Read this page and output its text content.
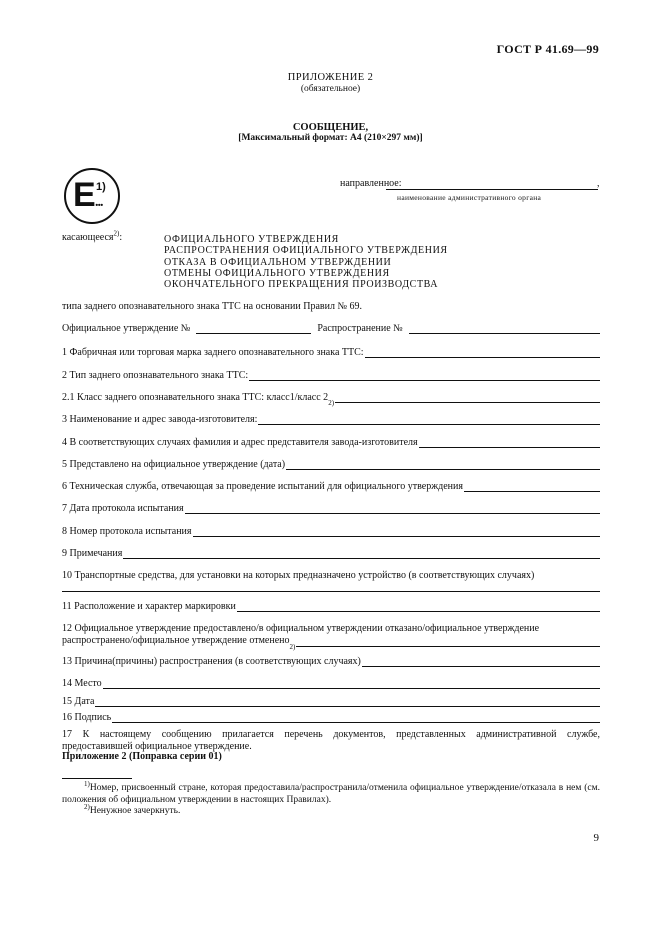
ГОСТ Р 41.69—99
ПРИЛОЖЕНИЕ 2
(обязательное)
СООБЩЕНИЕ,
[Максимальный формат: А4 (210×297 мм)]
E 1)
...
направленное:	,
наименование административного органа
касающееся$^{2)}$:	ОФИЦИАЛЬНОГО УТВЕРЖДЕНИЯ
РАСПРОСТРАНЕНИЯ ОФИЦИАЛЬНОГО УТВЕРЖДЕНИЯ
ОТКАЗА В ОФИЦИАЛЬНОМ УТВЕРЖДЕНИИ
ОТМЕНЫ ОФИЦИАЛЬНОГО УТВЕРЖДЕНИЯ
ОКОНЧАТЕЛЬНОГО ПРЕКРАЩЕНИЯ ПРОИЗВОДСТВА
типа заднего опознавательного знака ТТС на основании Правил № 69.
Официальное утверждение №	Распространение №
1 Фабричная или торговая марка заднего опознавательного знака ТТС:
2 Тип заднего опознавательного знака ТТС:
2.1 Класс заднего опознавательного знака ТТС: класс1/класс 2 2)
3 Наименование и адрес завода-изготовителя:
4 В соответствующих случаях фамилия и адрес представителя завода-изготовителя
5 Представлено на официальное утверждение (дата)
6 Техническая служба, отвечающая за проведение испытаний для официального утверждения
7 Дата протокола испытания
8 Номер протокола испытания
9 Примечания
10 Транспортные средства, для установки на которых предназначено устройство (в соответствующих случаях)
11 Расположение и характер маркировки
12 Официальное утверждение предоставлено/в официальном утверждении отказано/официальное утверждение
распространено/официальное утверждение отменено
2)
13 Причина(причины) распространения (в соответствующих случаях)
14 Место
15 Дата
16 Подпись
17 К настоящему сообщению прилагается перечень документов, представленных административной службе, предоставившей официальное утверждение.
Приложение 2 (Поправка серии 01)
$^{1)}$Номер, присвоенный стране, которая предоставила/распространила/отменила официальное утверждение/отказала в нем (см. положения об официальном утверждении в настоящих Правилах).
$^{2)}$Ненужное зачеркнуть.
9
